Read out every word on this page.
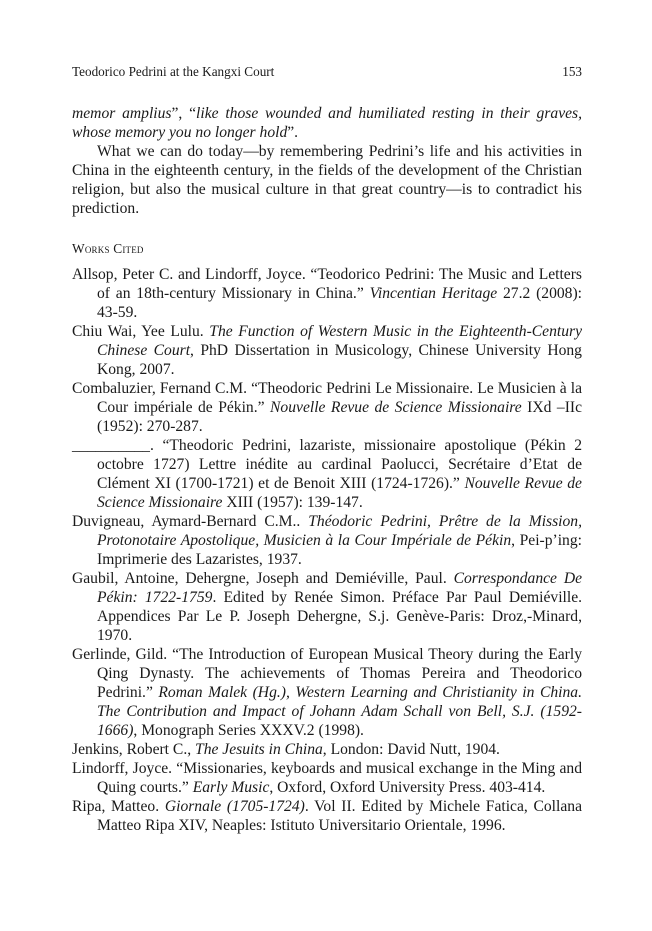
Teodorico Pedrini at the Kangxi Court	153

memor amplius”, “like those wounded and humiliated resting in their graves, whose memory you no longer hold”.

What we can do today—by remembering Pedrini’s life and his activities in China in the eighteenth century, in the fields of the development of the Christian religion, but also the musical culture in that great country—is to contradict his prediction.

Works Cited

Allsop, Peter C. and Lindorff, Joyce. “Teodorico Pedrini: The Music and Letters of an 18th-century Missionary in China.” Vincentian Heritage 27.2 (2008): 43-59.

Chiu Wai, Yee Lulu. The Function of Western Music in the Eighteenth-Century Chinese Court, PhD Dissertation in Musicology, Chinese University Hong Kong, 2007.

Combaluzier, Fernand C.M. “Theodoric Pedrini Le Missionaire. Le Musicien à la Cour impériale de Pékin.” Nouvelle Revue de Science Missionaire IXd –IIc (1952): 270-287.

__________. “Theodoric Pedrini, lazariste, missionaire apostolique (Pékin 2 octobre 1727) Lettre inédite au cardinal Paolucci, Secrétaire d’Etat de Clément XI (1700-1721) et de Benoit XIII (1724-1726).” Nouvelle Revue de Science Missionaire XIII (1957): 139-147.

Duvigneau, Aymard-Bernard C.M.. Théodoric Pedrini, Prêtre de la Mission, Protonotaire Apostolique, Musicien à la Cour Impériale de Pékin, Pei-p’ing: Imprimerie des Lazaristes, 1937.

Gaubil, Antoine, Dehergne, Joseph and Demiéville, Paul. Correspondance De Pékin: 1722-1759. Edited by Renée Simon. Préface Par Paul Demiéville. Appendices Par Le P. Joseph Dehergne, S.j. Genève-Paris: Droz,-Minard, 1970.

Gerlinde, Gild. “The Introduction of European Musical Theory during the Early Qing Dynasty. The achievements of Thomas Pereira and Theodorico Pedrini.” Roman Malek (Hg.), Western Learning and Christianity in China. The Contribution and Impact of Johann Adam Schall von Bell, S.J. (1592-1666), Monograph Series XXXV.2 (1998).

Jenkins, Robert C., The Jesuits in China, London: David Nutt, 1904.

Lindorff, Joyce. “Missionaries, keyboards and musical exchange in the Ming and Quing courts.” Early Music, Oxford, Oxford University Press. 403-414.

Ripa, Matteo. Giornale (1705-1724). Vol II. Edited by Michele Fatica, Collana Matteo Ripa XIV, Neaples: Istituto Universitario Orientale, 1996.
